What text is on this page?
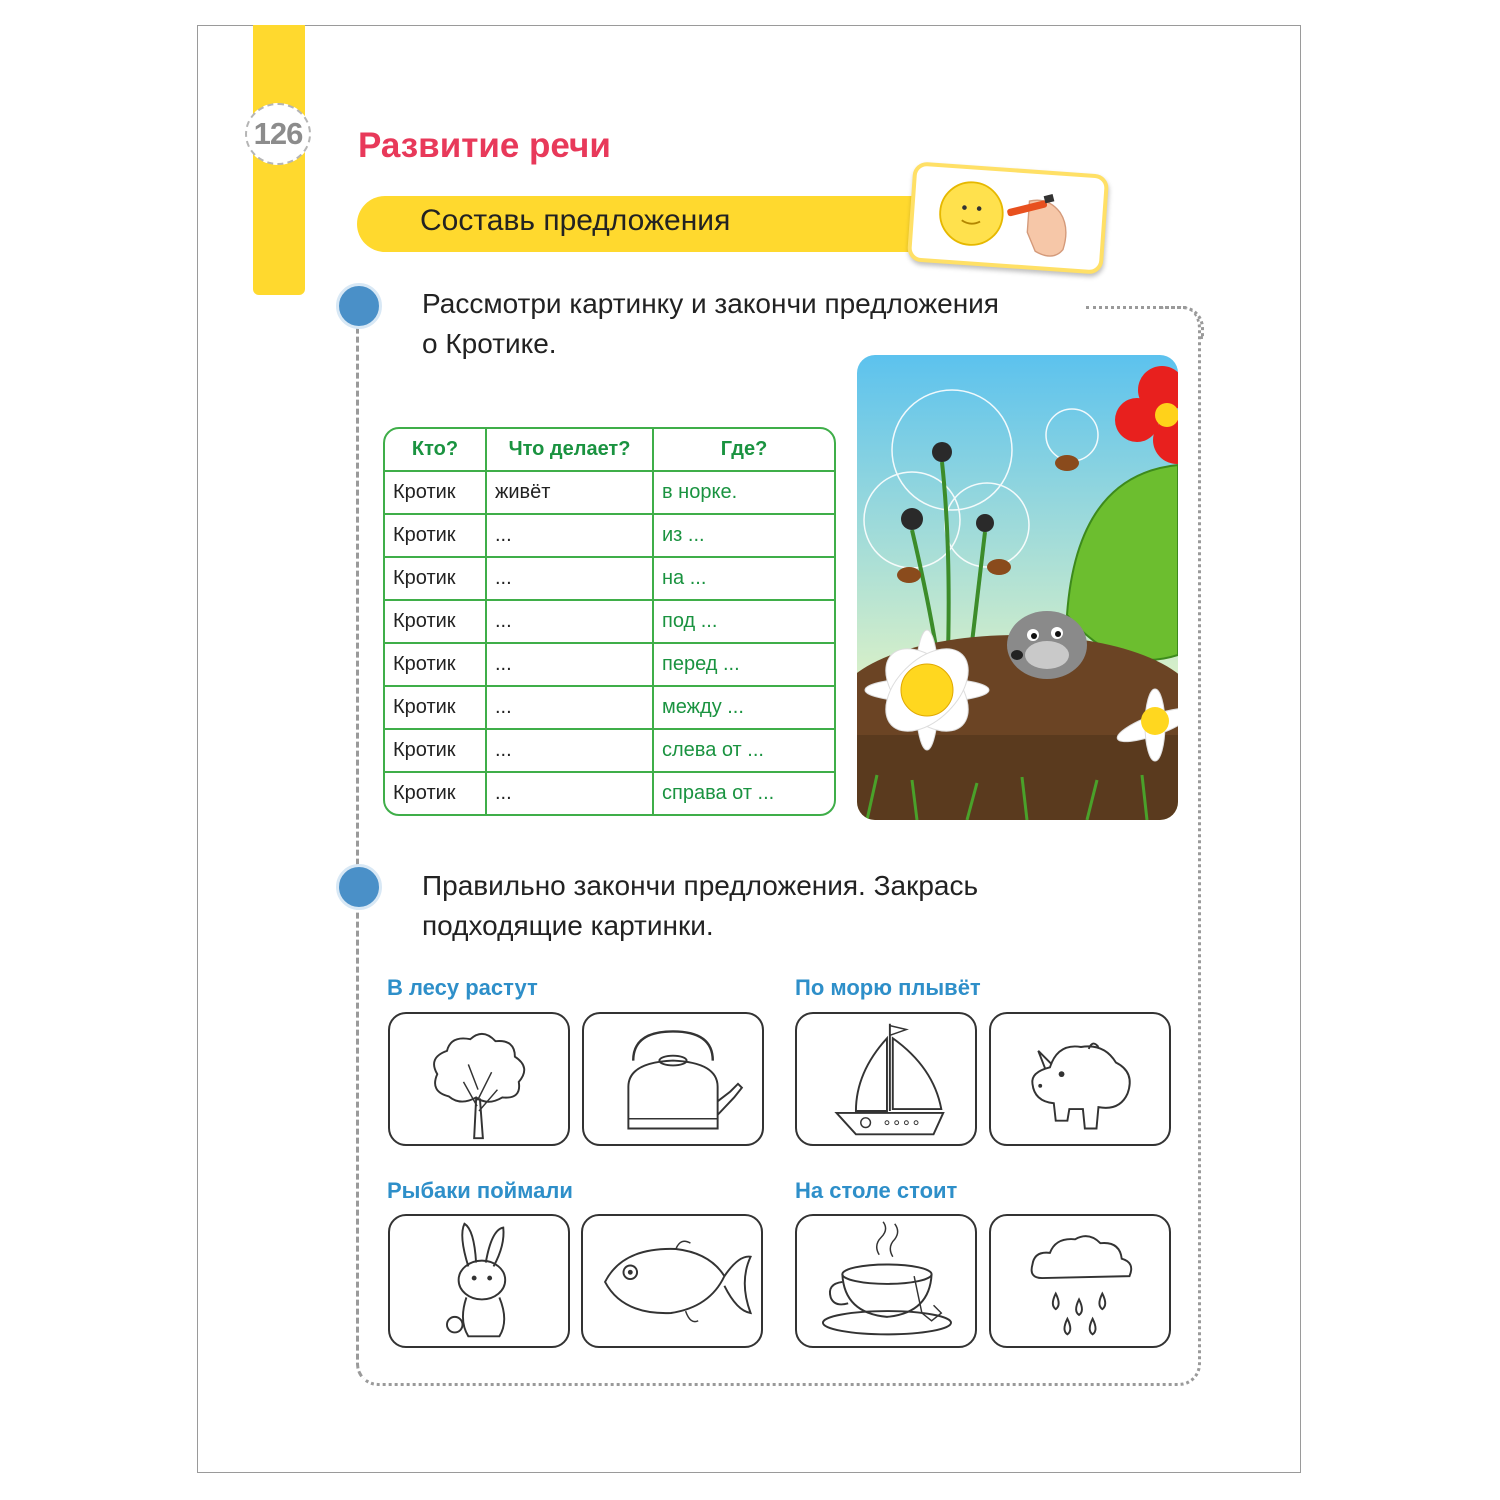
126 Развитие речи
Составь предложения
Рассмотри картинку и закончи предложения
о Кротике.
Кто?	Что делает?	Где?
Кротик	живёт	в норке.
Кротик	...	из ...
Кротик	...	на ...
Кротик	...	под ...
Кротик	...	перед ...
Кротик	...	между ...
Кротик	...	слева от ...
Кротик	...	справа от ...
Правильно закончи предложения. Закрась
подходящие картинки.
В лесу растут	По морю плывёт
Рыбаки поймали	На столе стоит
